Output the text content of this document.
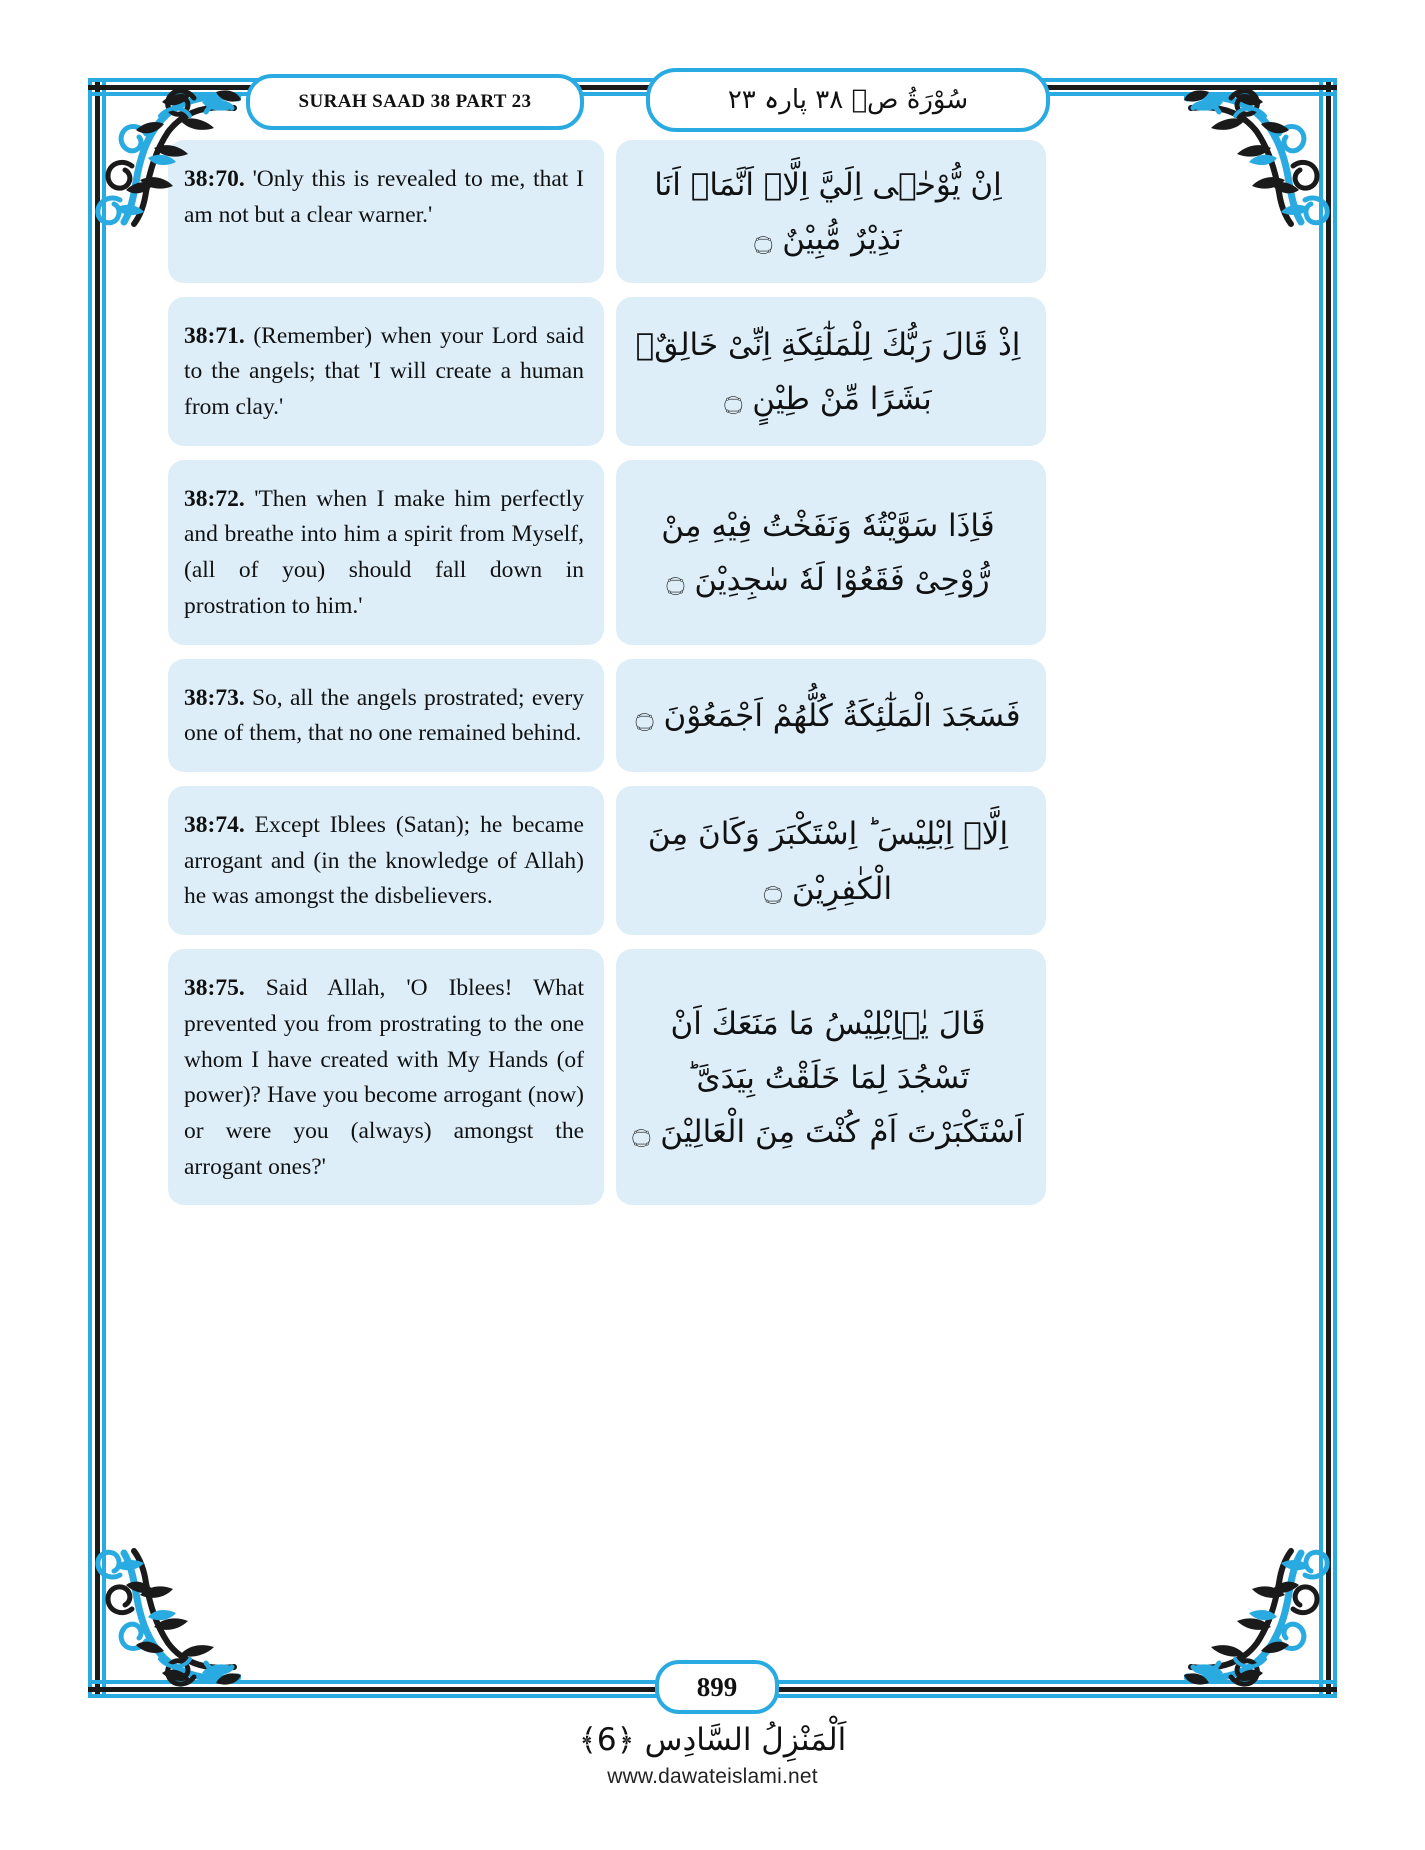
SURAH SAAD 38 PART 23	سُوْرَةُ صۗ ٣٨ پارہ ٢٣
38:70. 'Only this is revealed to me, that I am not but a clear warner.'
اِنْ يُّوْحٰۤى اِلَيَّ اِلَّاۤ اَنَّمَاۤ اَنَا نَذِيْرٌ مُّبِيْنٌ ۝
38:71. (Remember) when your Lord said to the angels; that 'I will create a human from clay.'
اِذْ قَالَ رَبُّكَ لِلْمَلٰٓئِكَةِ اِنِّیْ خَالِقٌۢ بَشَرًا مِّنْ طِيْنٍ ۝
38:72. 'Then when I make him perfectly and breathe into him a spirit from Myself, (all of you) should fall down in prostration to him.'
فَاِذَا سَوَّيْتُهٗ وَنَفَخْتُ فِيْهِ مِنْ رُّوْحِیْ فَقَعُوْا لَهٗ سٰجِدِيْنَ ۝
38:73. So, all the angels prostrated; every one of them, that no one remained behind.	فَسَجَدَ الْمَلٰٓئِكَةُ كُلُّهُمْ اَجْمَعُوْنَ ۝
38:74. Except Iblees (Satan); he became arrogant and (in the knowledge of Allah) he was amongst the disbelievers.
اِلَّاۤ اِبْلِيْسَ ؕ اِسْتَكْبَرَ وَكَانَ مِنَ الْكٰفِرِيْنَ ۝
38:75. Said Allah, 'O Iblees! What prevented you from prostrating to the one whom I have created with My Hands (of power)? Have you become arrogant (now) or were you (always) amongst the arrogant ones?'
قَالَ يٰۤاِبْلِيْسُ مَا مَنَعَكَ اَنْ تَسْجُدَ لِمَا خَلَقْتُ بِيَدَیَّ ؕ اَسْتَكْبَرْتَ اَمْ كُنْتَ مِنَ الْعَالِيْنَ ۝
899
اَلْمَنْزِلُ السَّادِس ﴿6﴾
www.dawateislami.net
